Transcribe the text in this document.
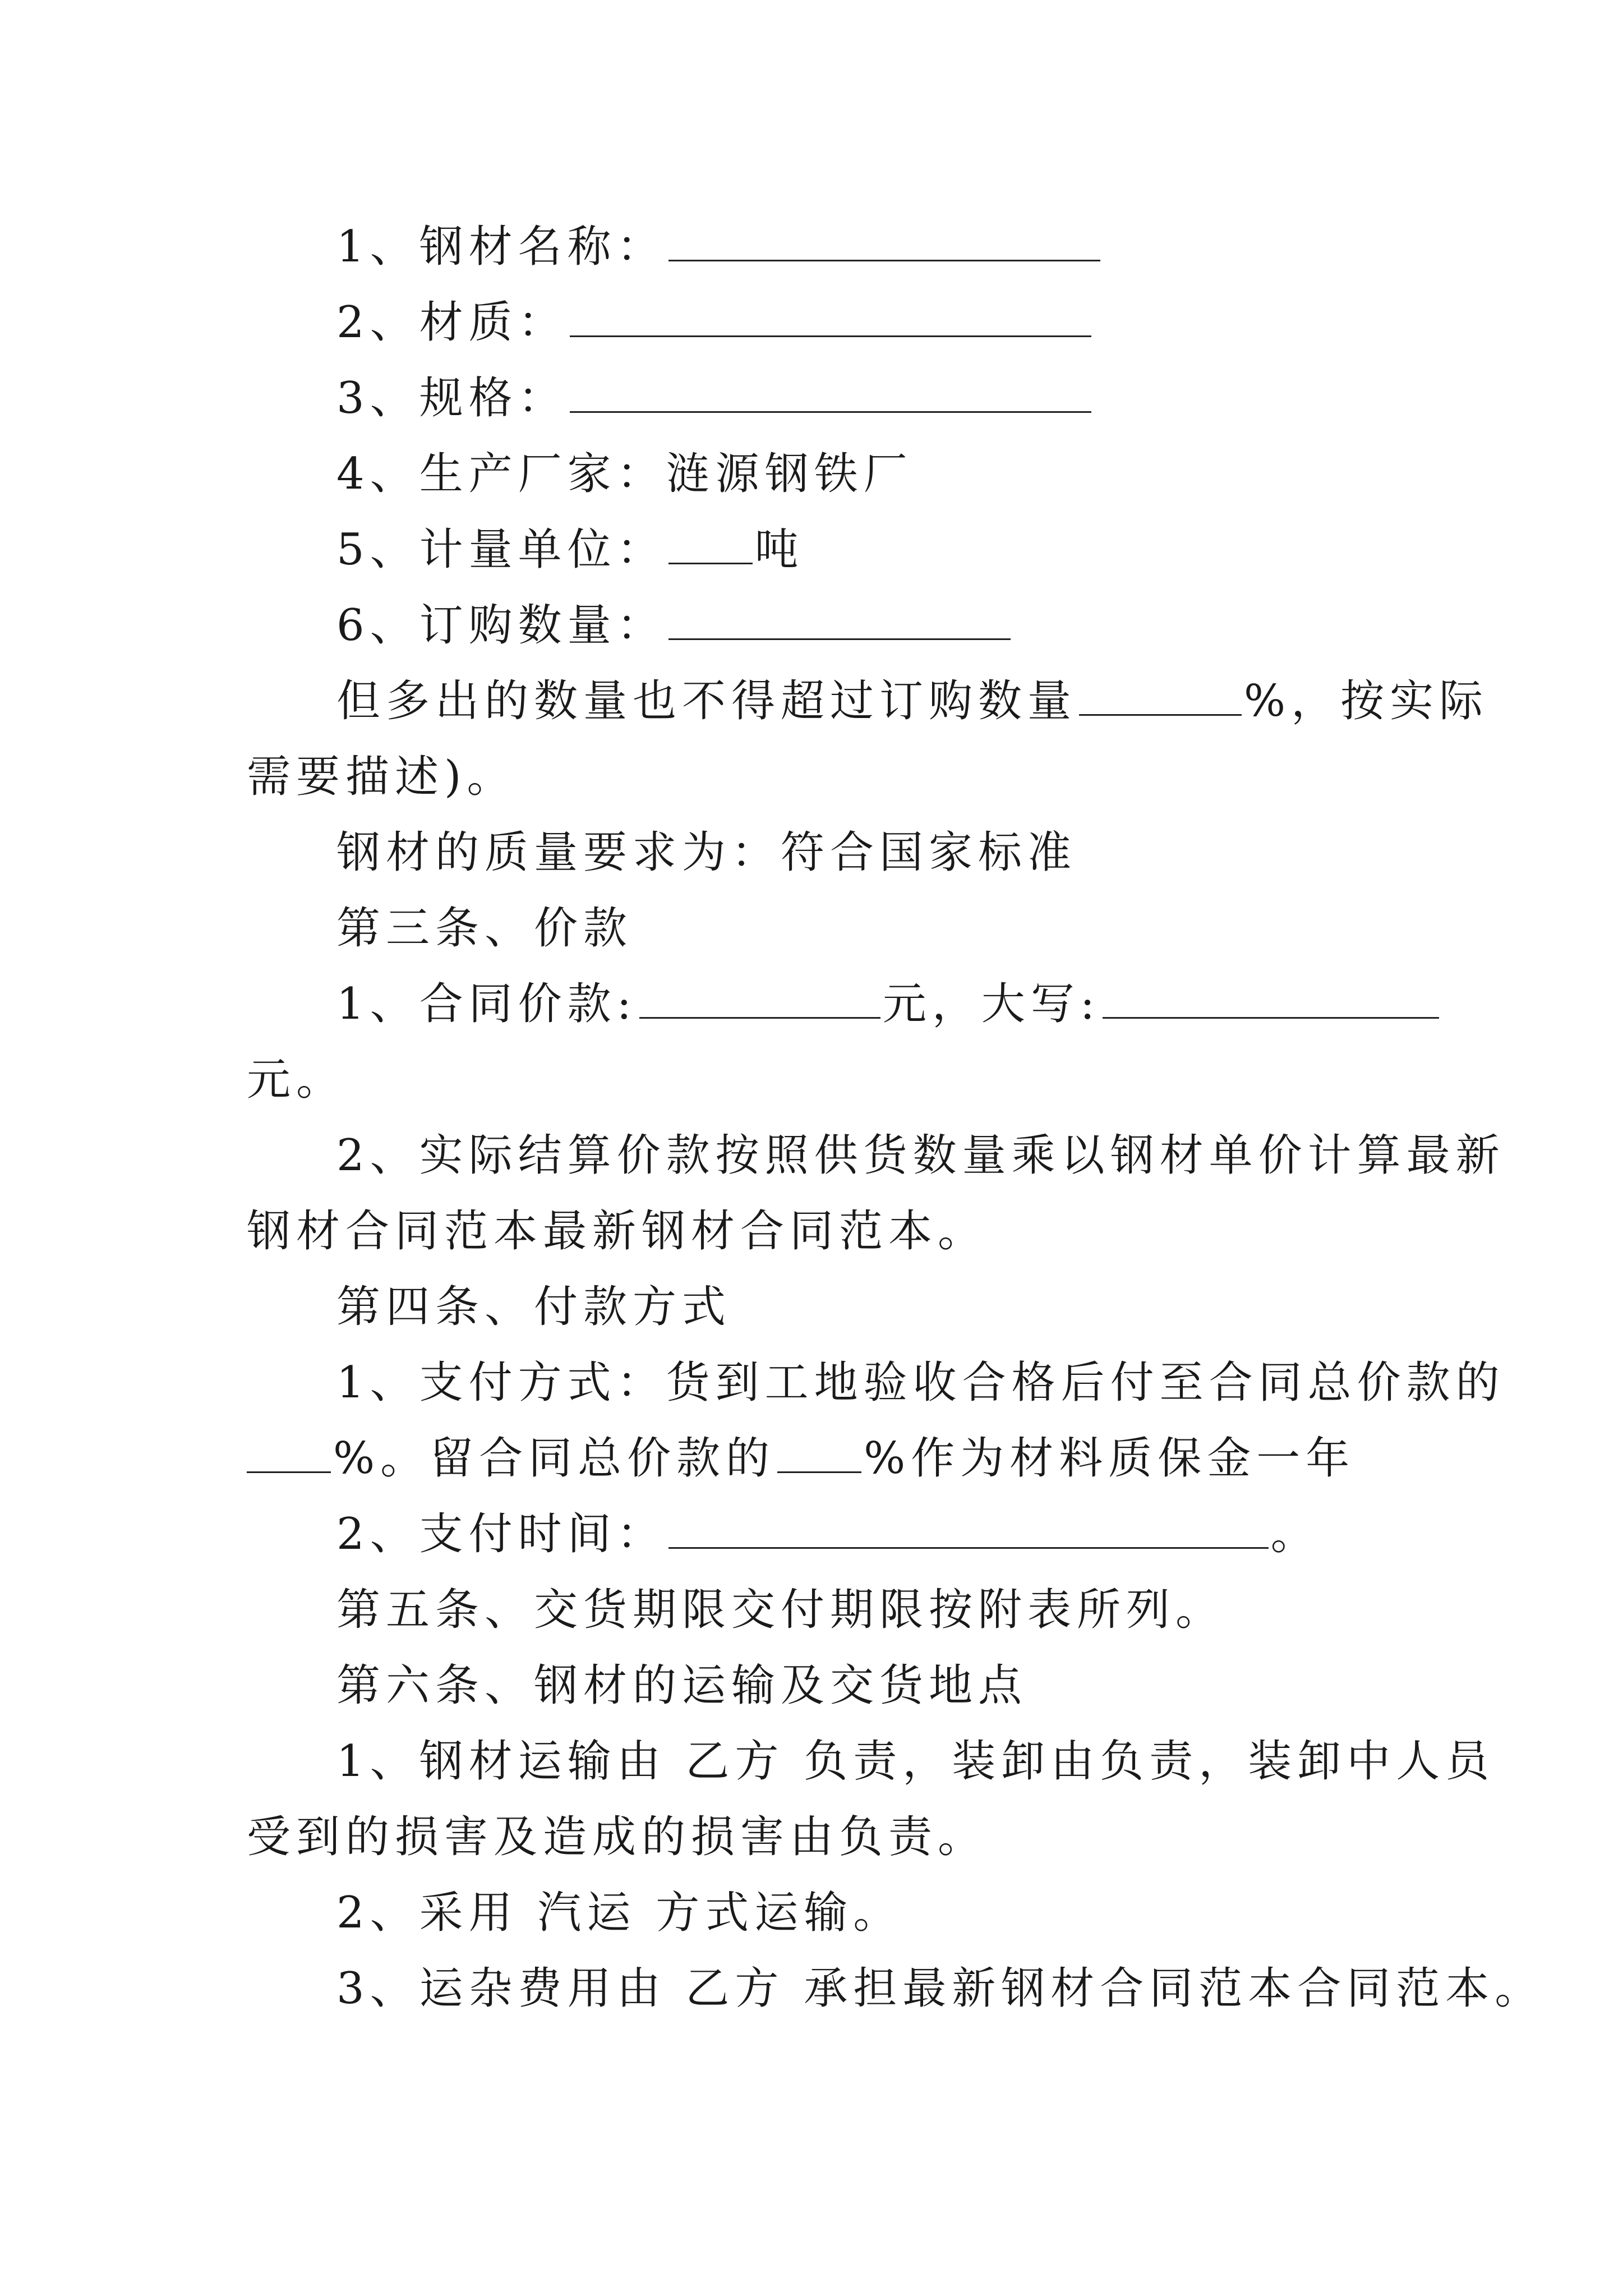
1、钢材名称：
2、材质：
3、规格：
4、生产厂家：涟源钢铁厂
5、计量单位： 吨
6、订购数量：
但多出的数量也不得超过订购数量	%，按实际
需要描述)。
钢材的质量要求为：符合国家标准
第三条、价款
1、合同价款:	元，大写:
元。
2、实际结算价款按照供货数量乘以钢材单价计算最新
钢材合同范本最新钢材合同范本。
第四条、付款方式
1、支付方式：货到工地验收合格后付至合同总价款的
%。留合同总价款的 %作为材料质保金一年
2、支付时间：	。
第五条、交货期限交付期限按附表所列。
第六条、钢材的运输及交货地点
1、钢材运输由 乙方 负责，装卸由负责，装卸中人员
受到的损害及造成的损害由负责。
2、采用 汽运 方式运输。
3、运杂费用由 乙方 承担最新钢材合同范本合同范本。
